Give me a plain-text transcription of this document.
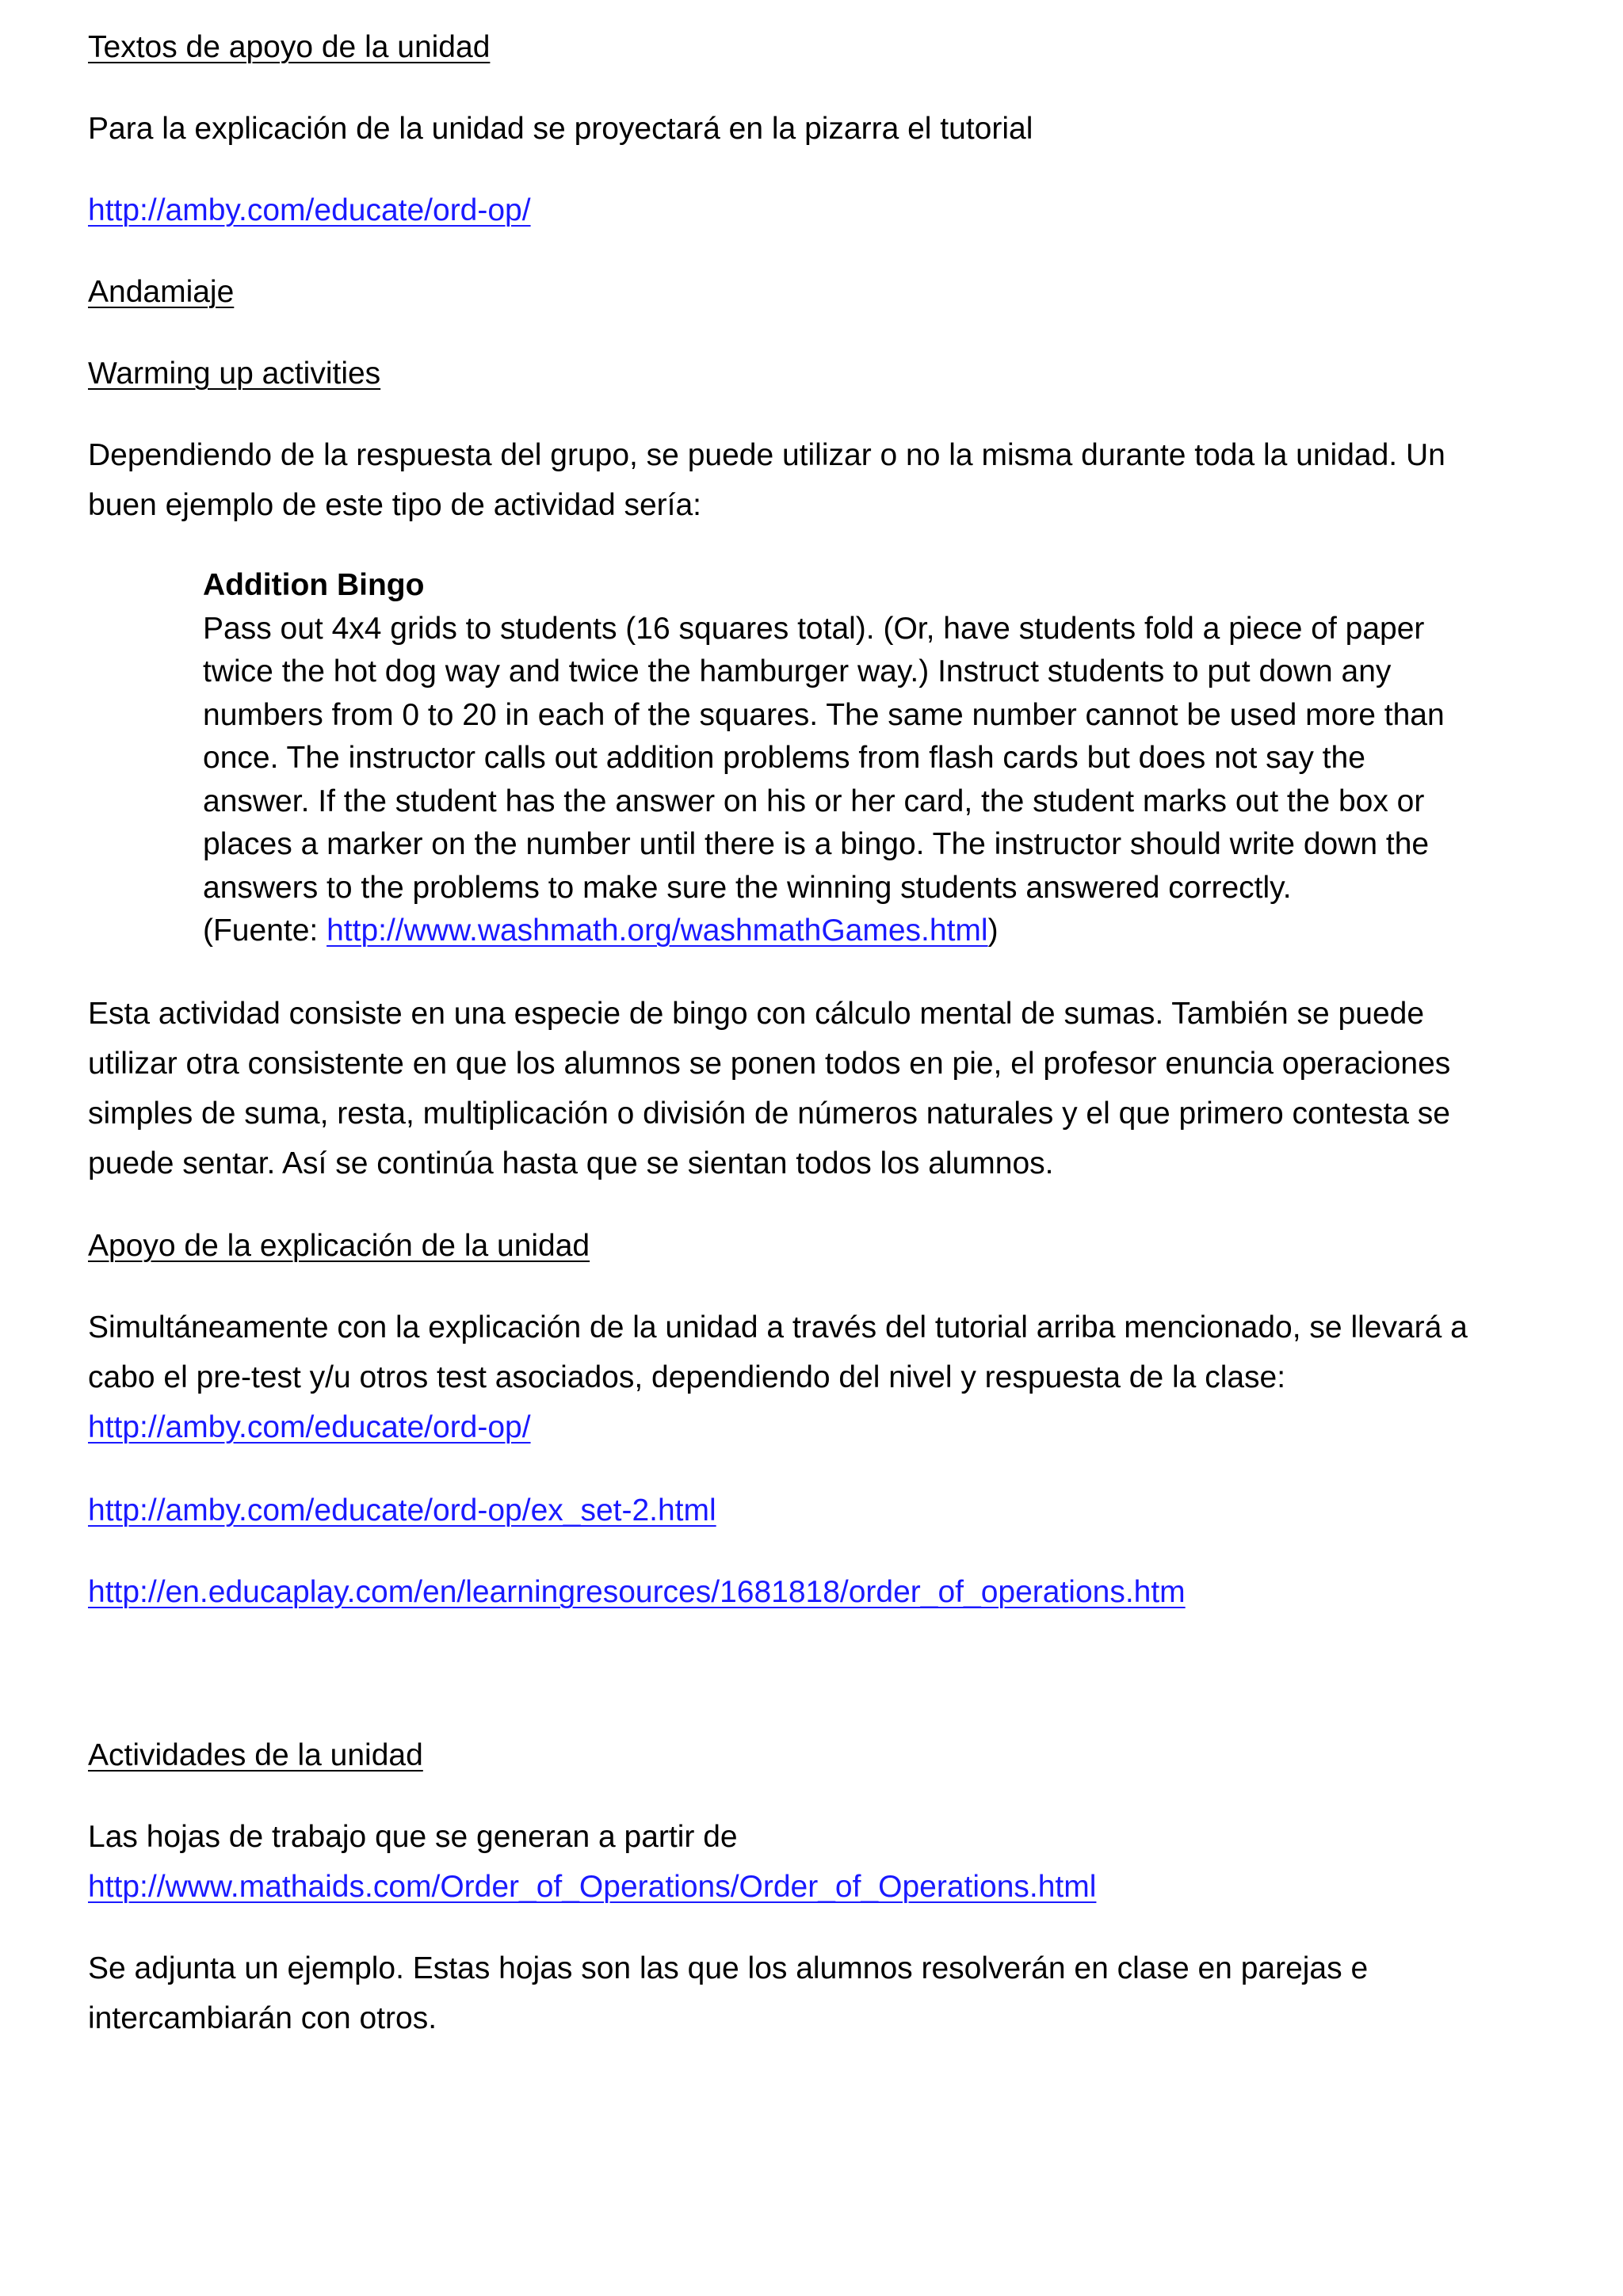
Textos de apoyo de la unidad
Para la explicación de la unidad se proyectará en la pizarra el tutorial
http://amby.com/educate/ord-op/
Andamiaje
Warming up activities
Dependiendo de la respuesta del grupo, se puede utilizar o no la misma durante toda la unidad. Un
buen ejemplo de este tipo de actividad sería:
Addition Bingo
Pass out 4x4 grids to students (16 squares total). (Or, have students fold a piece of paper
twice the hot dog way and twice the hamburger way.) Instruct students to put down any
numbers from 0 to 20 in each of the squares. The same number cannot be used more than
once. The instructor calls out addition problems from flash cards but does not say the
answer. If the student has the answer on his or her card, the student marks out the box or
places a marker on the number until there is a bingo. The instructor should write down the
answers to the problems to make sure the winning students answered correctly.
(Fuente: http://www.washmath.org/washmathGames.html)
Esta actividad consiste en una especie de bingo con cálculo mental de sumas. También se puede
utilizar otra consistente en que los alumnos se ponen todos en pie, el profesor enuncia operaciones
simples de suma, resta, multiplicación o división de números naturales y el que primero contesta se
puede sentar. Así se continúa hasta que se sientan todos los alumnos.
Apoyo de la explicación de la unidad
Simultáneamente con la explicación de la unidad a través del tutorial arriba mencionado, se llevará a
cabo el pre-test y/u otros test asociados, dependiendo del nivel y respuesta de la clase:
http://amby.com/educate/ord-op/
http://amby.com/educate/ord-op/ex_set-2.html
http://en.educaplay.com/en/learningresources/1681818/order_of_operations.htm
Actividades de la unidad
Las hojas de trabajo que se generan a partir de
http://www.mathaids.com/Order_of_Operations/Order_of_Operations.html
Se adjunta un ejemplo. Estas hojas son las que los alumnos resolverán en clase en parejas e
intercambiarán con otros.
